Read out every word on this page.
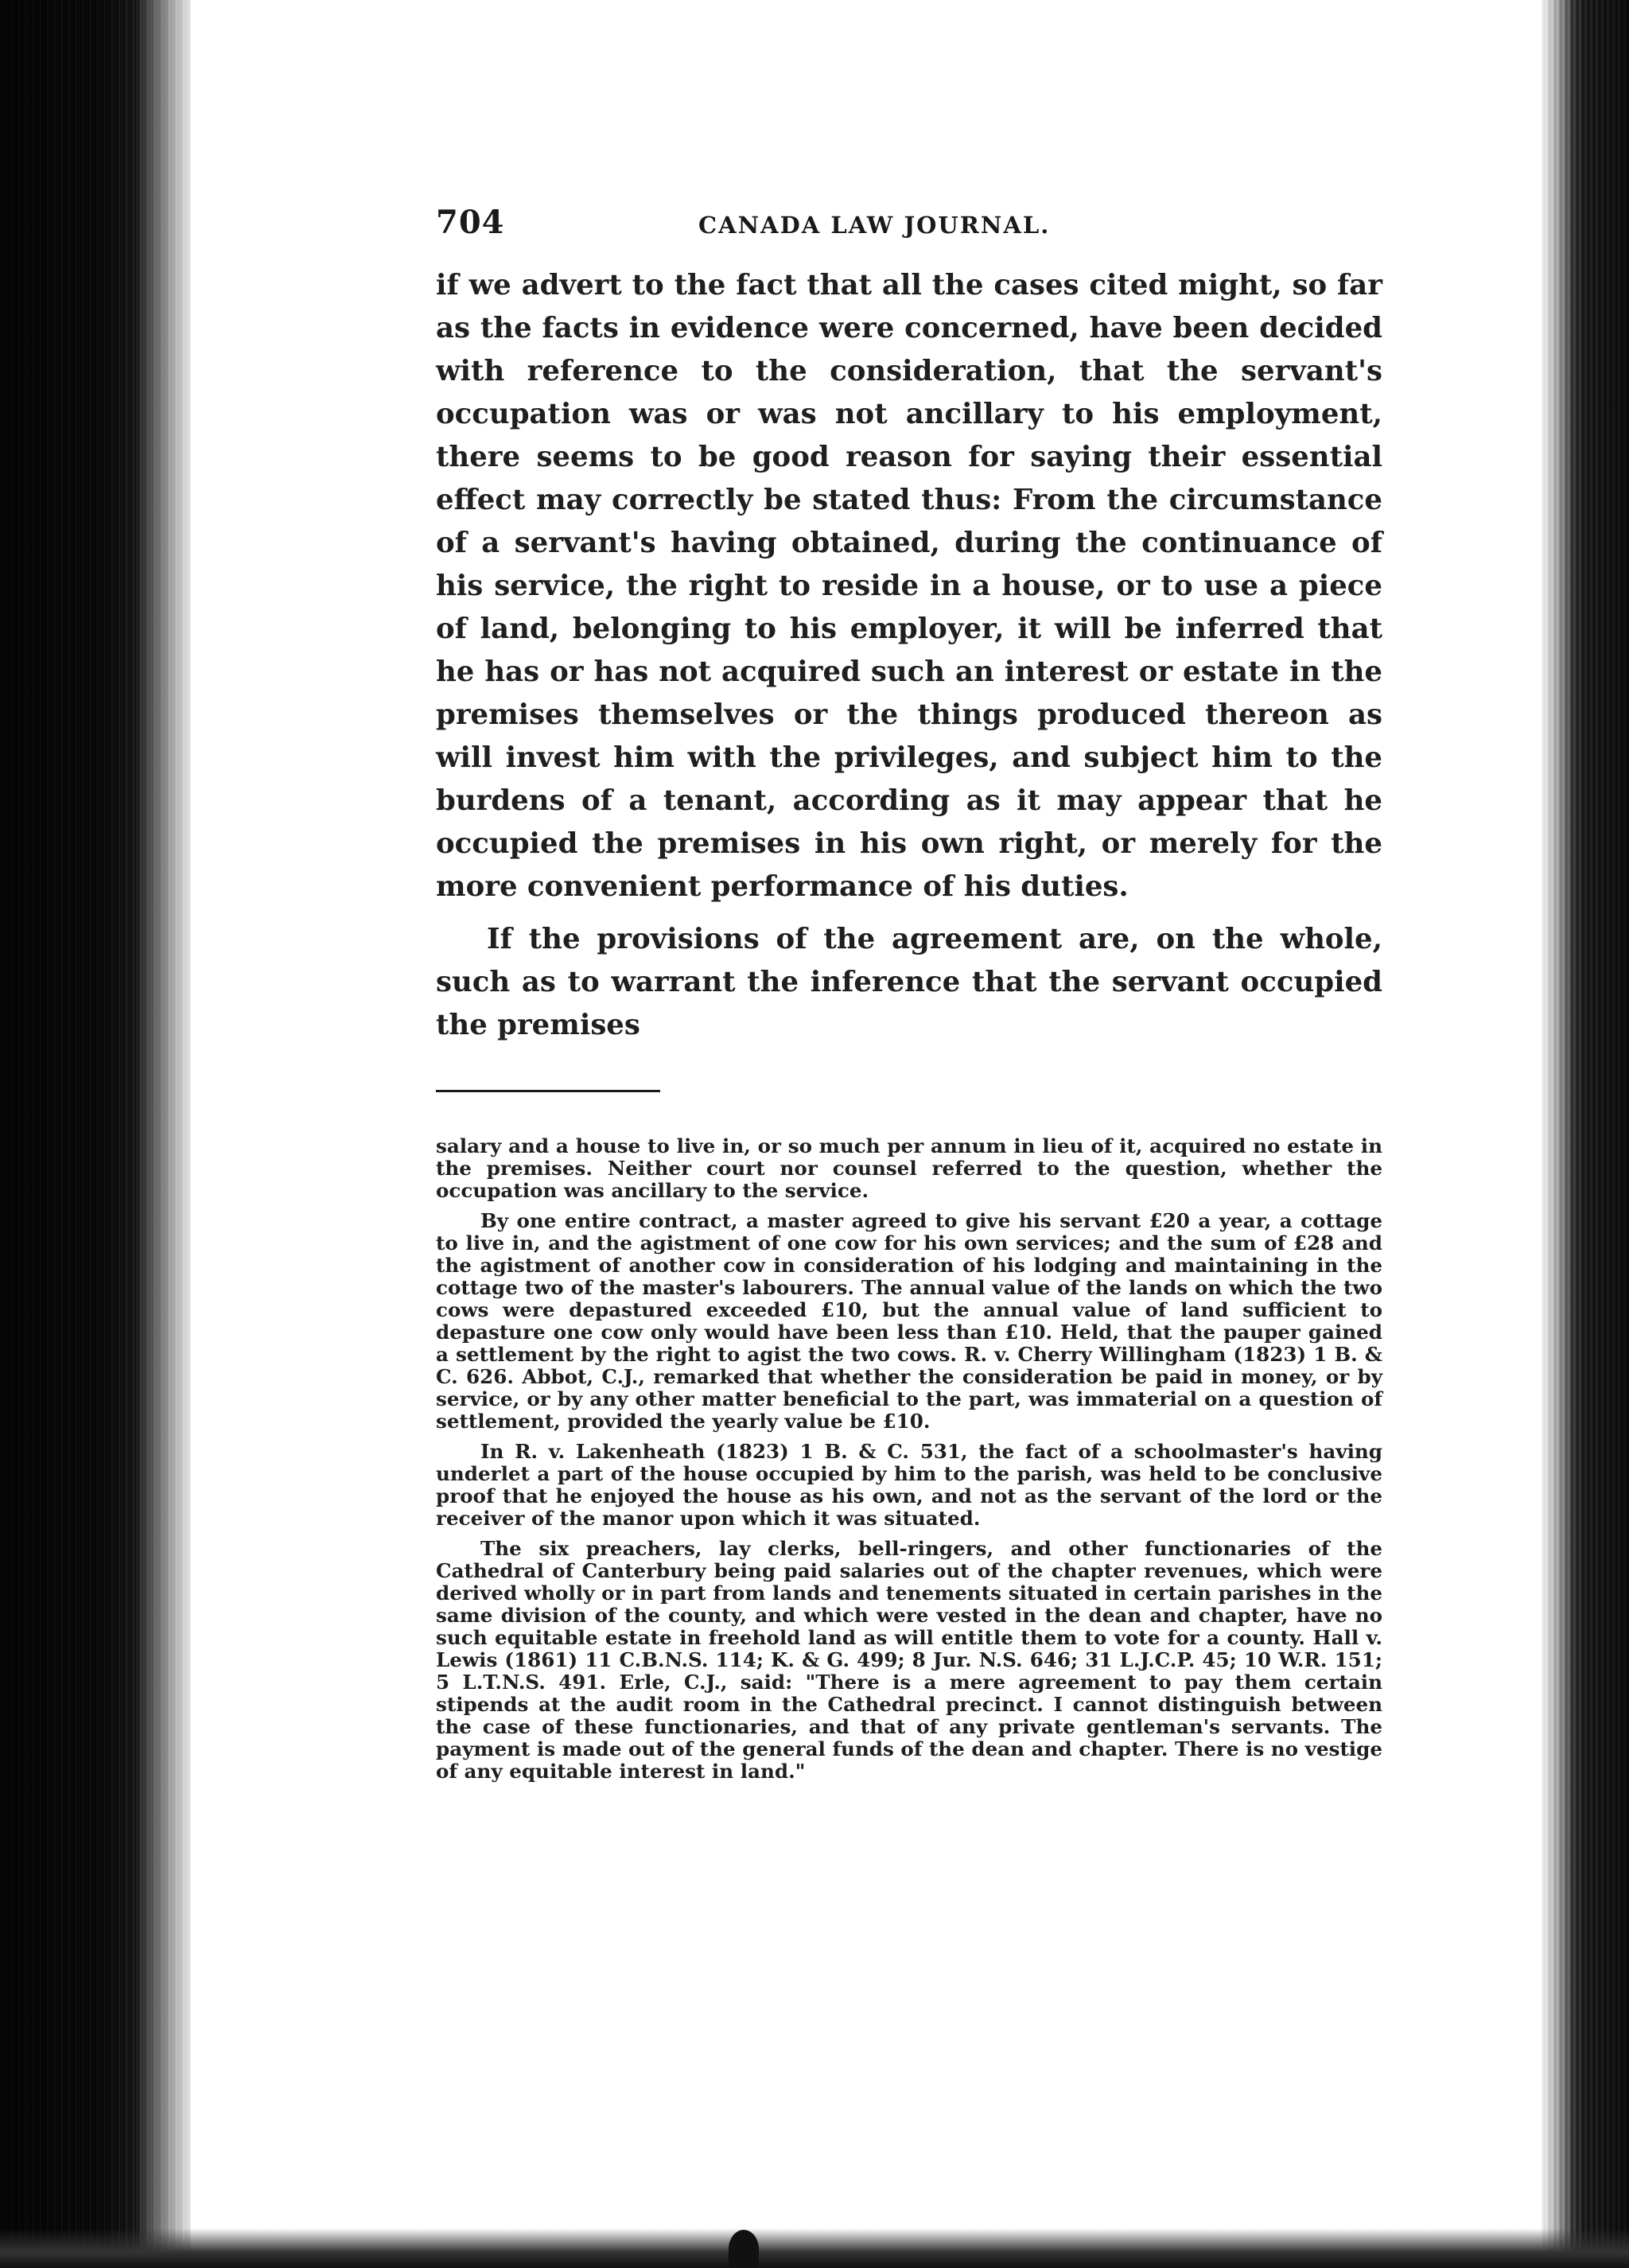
704	CANADA LAW JOURNAL.

if we advert to the fact that all the cases cited might, so far as the facts in evidence were concerned, have been decided with reference to the consideration, that the servant's occupation was or was not ancillary to his employment, there seems to be good reason for saying their essential effect may correctly be stated thus: From the circumstance of a servant's having obtained, during the continuance of his service, the right to reside in a house, or to use a piece of land, belonging to his employer, it will be inferred that he has or has not acquired such an interest or estate in the premises themselves or the things produced thereon as will invest him with the privileges, and subject him to the burdens of a tenant, according as it may appear that he occupied the premises in his own right, or merely for the more convenient performance of his duties.

If the provisions of the agreement are, on the whole, such as to warrant the inference that the servant occupied the premises

salary and a house to live in, or so much per annum in lieu of it, acquired no estate in the premises. Neither court nor counsel referred to the question, whether the occupation was ancillary to the service.

By one entire contract, a master agreed to give his servant £20 a year, a cottage to live in, and the agistment of one cow for his own services; and the sum of £28 and the agistment of another cow in consideration of his lodging and maintaining in the cottage two of the master's labourers. The annual value of the lands on which the two cows were depastured exceeded £10, but the annual value of land sufficient to depasture one cow only would have been less than £10. Held, that the pauper gained a settlement by the right to agist the two cows. R. v. Cherry Willingham (1823) 1 B. & C. 626. Abbot, C.J., remarked that whether the consideration be paid in money, or by service, or by any other matter beneficial to the part, was immaterial on a question of settlement, provided the yearly value be £10.

In R. v. Lakenheath (1823) 1 B. & C. 531, the fact of a schoolmaster's having underlet a part of the house occupied by him to the parish, was held to be conclusive proof that he enjoyed the house as his own, and not as the servant of the lord or the receiver of the manor upon which it was situated.

The six preachers, lay clerks, bell-ringers, and other functionaries of the Cathedral of Canterbury being paid salaries out of the chapter revenues, which were derived wholly or in part from lands and tenements situated in certain parishes in the same division of the county, and which were vested in the dean and chapter, have no such equitable estate in freehold land as will entitle them to vote for a county. Hall v. Lewis (1861) 11 C.B.N.S. 114; K. & G. 499; 8 Jur. N.S. 646; 31 L.J.C.P. 45; 10 W.R. 151; 5 L.T.N.S. 491. Erle, C.J., said: "There is a mere agreement to pay them certain stipends at the audit room in the Cathedral precinct. I cannot distinguish between the case of these functionaries, and that of any private gentleman's servants. The payment is made out of the general funds of the dean and chapter. There is no vestige of any equitable interest in land."
